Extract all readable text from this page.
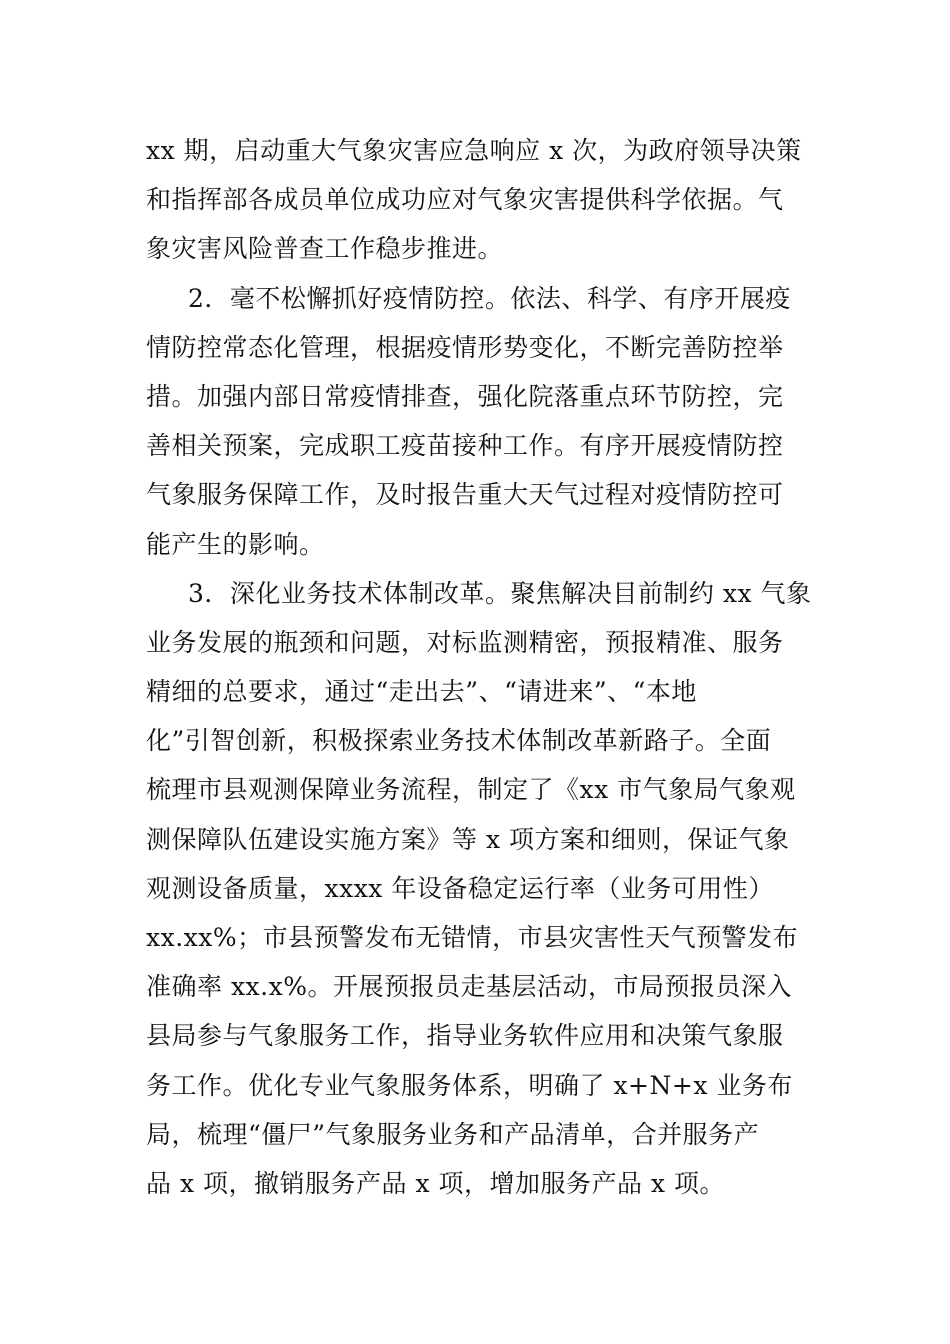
xx 期，启动重大气象灾害应急响应 x 次，为政府领导决策
和指挥部各成员单位成功应对气象灾害提供科学依据。气
象灾害风险普查工作稳步推进。
2．毫不松懈抓好疫情防控。依法、科学、有序开展疫
情防控常态化管理，根据疫情形势变化，不断完善防控举
措。加强内部日常疫情排查，强化院落重点环节防控，完
善相关预案，完成职工疫苗接种工作。有序开展疫情防控
气象服务保障工作，及时报告重大天气过程对疫情防控可
能产生的影响。
3．深化业务技术体制改革。聚焦解决目前制约 xx 气象
业务发展的瓶颈和问题，对标监测精密，预报精准、服务
精细的总要求，通过“走出去”、“请进来”、“本地
化”引智创新，积极探索业务技术体制改革新路子。全面
梳理市县观测保障业务流程，制定了《xx 市气象局气象观
测保障队伍建设实施方案》等 x 项方案和细则，保证气象
观测设备质量，xxxx 年设备稳定运行率（业务可用性）
xx.xx%；市县预警发布无错情，市县灾害性天气预警发布
准确率 xx.x%。开展预报员走基层活动，市局预报员深入
县局参与气象服务工作，指导业务软件应用和决策气象服
务工作。优化专业气象服务体系，明确了 x+N+x 业务布
局，梳理“僵尸”气象服务业务和产品清单，合并服务产
品 x 项，撤销服务产品 x 项，增加服务产品 x 项。
